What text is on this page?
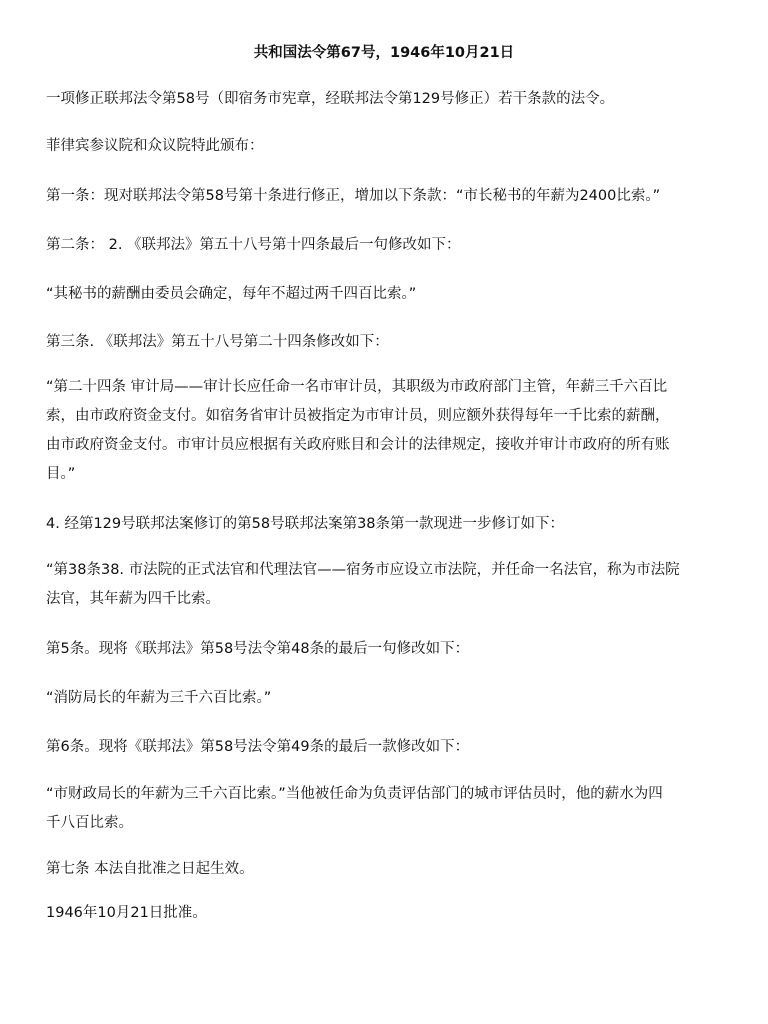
共和国法令第67号，1946年10月21日

一项修正联邦法令第58号（即宿务市宪章，经联邦法令第129号修正）若干条款的法令。

菲律宾参议院和众议院特此颁布：

第一条：现对联邦法令第58号第十条进行修正，增加以下条款：“市长秘书的年薪为2400比索。”

第二条： 2. 《联邦法》第五十八号第十四条最后一句修改如下：

“其秘书的薪酬由委员会确定，每年不超过两千四百比索。”

第三条. 《联邦法》第五十八号第二十四条修改如下：

“第二十四条 审计局——审计长应任命一名市审计员，其职级为市政府部门主管，年薪三千六百比
索，由市政府资金支付。如宿务省审计员被指定为市审计员，则应额外获得每年一千比索的薪酬，
由市政府资金支付。市审计员应根据有关政府账目和会计的法律规定，接收并审计市政府的所有账
目。”

4. 经第129号联邦法案修订的第58号联邦法案第38条第一款现进一步修订如下：

“第38条38. 市法院的正式法官和代理法官——宿务市应设立市法院，并任命一名法官，称为市法院
法官，其年薪为四千比索。

第5条。现将《联邦法》第58号法令第48条的最后一句修改如下：

“消防局长的年薪为三千六百比索。”

第6条。现将《联邦法》第58号法令第49条的最后一款修改如下：

“市财政局长的年薪为三千六百比索。”当他被任命为负责评估部门的城市评估员时，他的薪水为四
千八百比索。

第七条 本法自批准之日起生效。

1946年10月21日批准。
